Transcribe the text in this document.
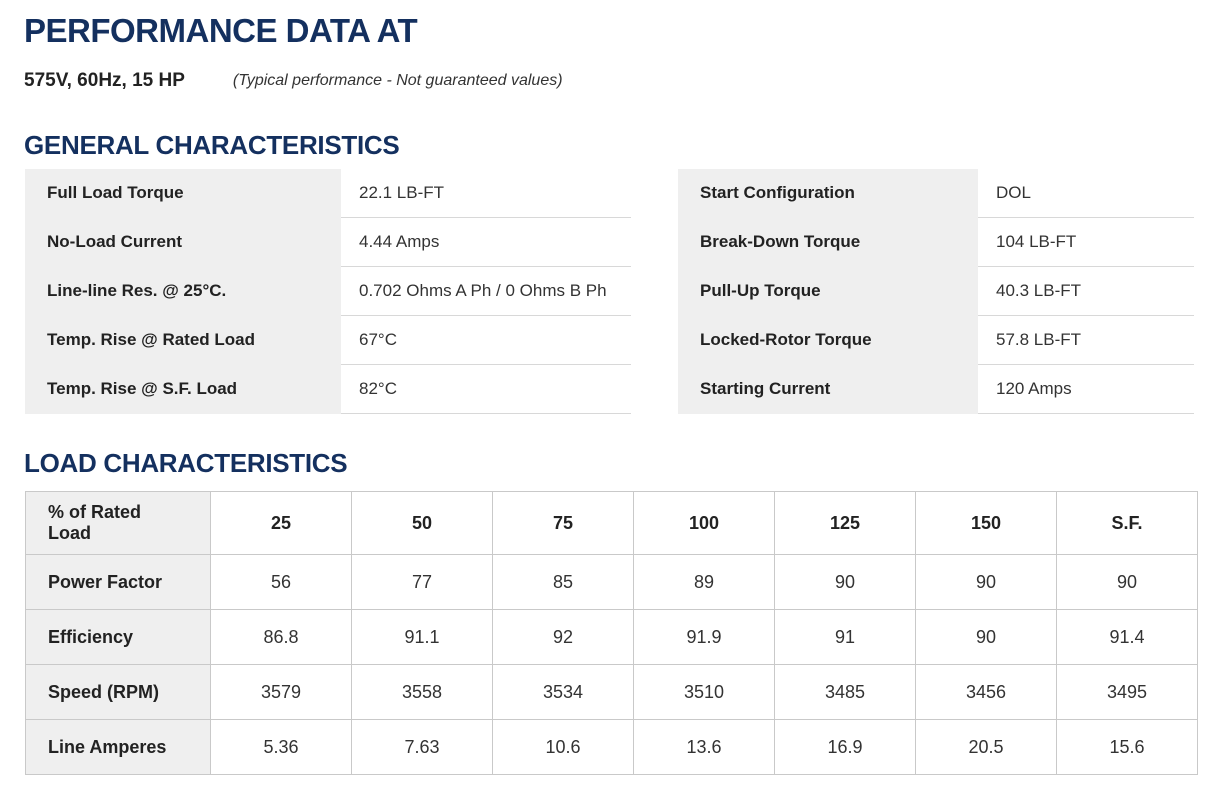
PERFORMANCE DATA AT
575V, 60Hz, 15 HP	(Typical performance - Not guaranteed values)
GENERAL CHARACTERISTICS
Full Load Torque	22.1 LB-FT
No-Load Current	4.44 Amps
Line-line Res. @ 25°C.	0.702 Ohms A Ph / 0 Ohms B Ph
Temp. Rise @ Rated Load	67°C
Temp. Rise @ S.F. Load	82°C
Start Configuration	DOL
Break-Down Torque	104 LB-FT
Pull-Up Torque	40.3 LB-FT
Locked-Rotor Torque	57.8 LB-FT
Starting Current	120 Amps
LOAD CHARACTERISTICS
% of Rated
Load	25	50	75	100	125	150	S.F.
Power Factor	56	77	85	89	90	90	90
Efficiency	86.8	91.1	92	91.9	91	90	91.4
Speed (RPM)	3579	3558	3534	3510	3485	3456	3495
Line Amperes	5.36	7.63	10.6	13.6	16.9	20.5	15.6
